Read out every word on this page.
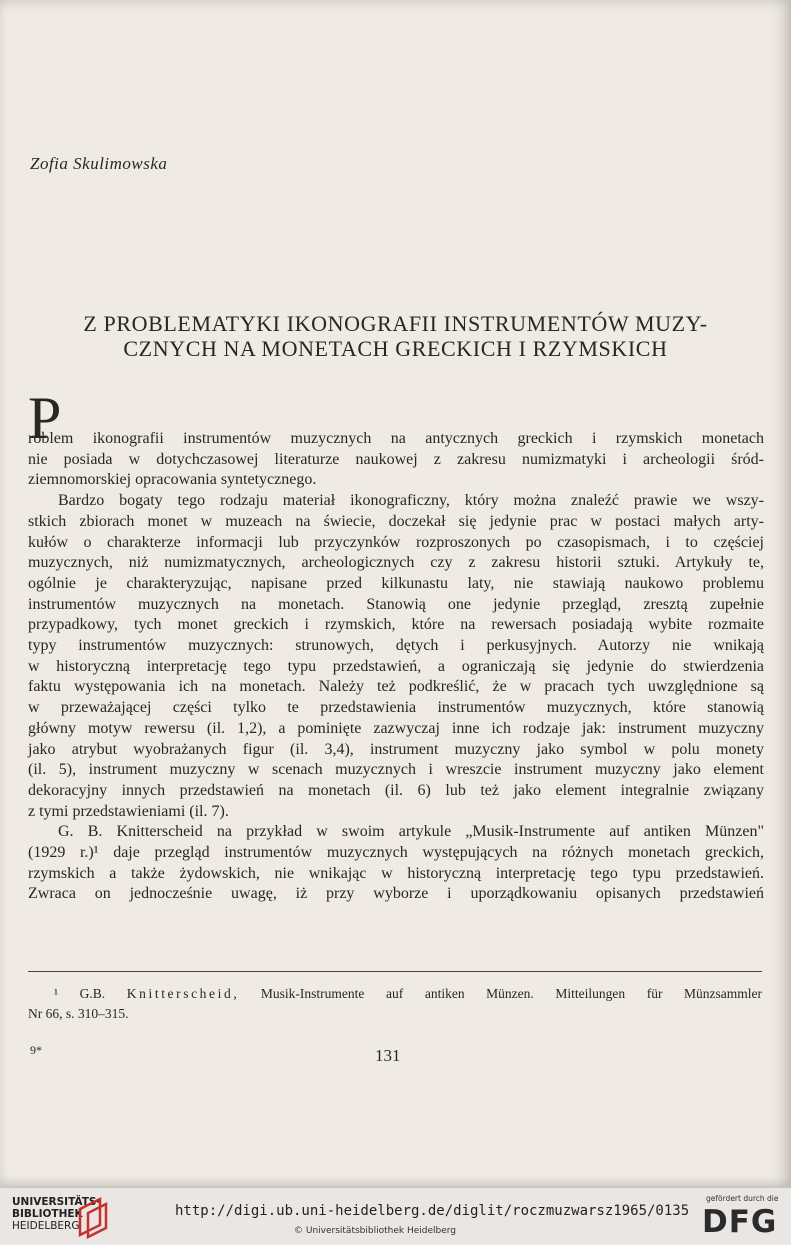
Zofia Skulimowska
Z PROBLEMATYKI IKONOGRAFII INSTRUMENTÓW MUZY-
CZNYCH NA MONETACH GRECKICH I RZYMSKICH
P
roblem ikonografii instrumentów muzycznych na antycznych greckich i rzymskich monetach
nie posiada w dotychczasowej literaturze naukowej z zakresu numizmatyki i archeologii śród-
ziemnomorskiej opracowania syntetycznego.
Bardzo bogaty tego rodzaju materiał ikonograficzny, który można znaleźć prawie we wszy-
stkich zbiorach monet w muzeach na świecie, doczekał się jedynie prac w postaci małych arty-
kułów o charakterze informacji lub przyczynków rozproszonych po czasopismach, i to częściej
muzycznych, niż numizmatycznych, archeologicznych czy z zakresu historii sztuki. Artykuły te,
ogólnie je charakteryzując, napisane przed kilkunastu laty, nie stawiają naukowo problemu
instrumentów muzycznych na monetach. Stanowią one jedynie przegląd, zresztą zupełnie
przypadkowy, tych monet greckich i rzymskich, które na rewersach posiadają wybite rozmaite
typy instrumentów muzycznych: strunowych, dętych i perkusyjnych. Autorzy nie wnikają
w historyczną interpretację tego typu przedstawień, a ograniczają się jedynie do stwierdzenia
faktu występowania ich na monetach. Należy też podkreślić, że w pracach tych uwzględnione są
w przeważającej części tylko te przedstawienia instrumentów muzycznych, które stanowią
główny motyw rewersu (il. 1,2), a pominięte zazwyczaj inne ich rodzaje jak: instrument muzyczny
jako atrybut wyobrażanych figur (il. 3,4), instrument muzyczny jako symbol w polu monety
(il. 5), instrument muzyczny w scenach muzycznych i wreszcie instrument muzyczny jako element
dekoracyjny innych przedstawień na monetach (il. 6) lub też jako element integralnie związany
z tymi przedstawieniami (il. 7).
G. B. Knitterscheid na przykład w swoim artykule „Musik-Instrumente auf antiken Münzen"
(1929 r.)¹ daje przegląd instrumentów muzycznych występujących na różnych monetach greckich,
rzymskich a także żydowskich, nie wnikając w historyczną interpretację tego typu przedstawień.
Zwraca on jednocześnie uwagę, iż przy wyborze i uporządkowaniu opisanych przedstawień
¹ G.B. Knitterscheid, Musik-Instrumente auf antiken Münzen. Mitteilungen für Münzsammler
Nr 66, s. 310–315.
9*	131
UNIVERSITÄTS-
BIBLIOTHEK
HEIDELBERG
http://digi.ub.uni-heidelberg.de/diglit/roczmuzwarsz1965/0135
© Universitätsbibliothek Heidelberg
gefördert durch die
DFG
